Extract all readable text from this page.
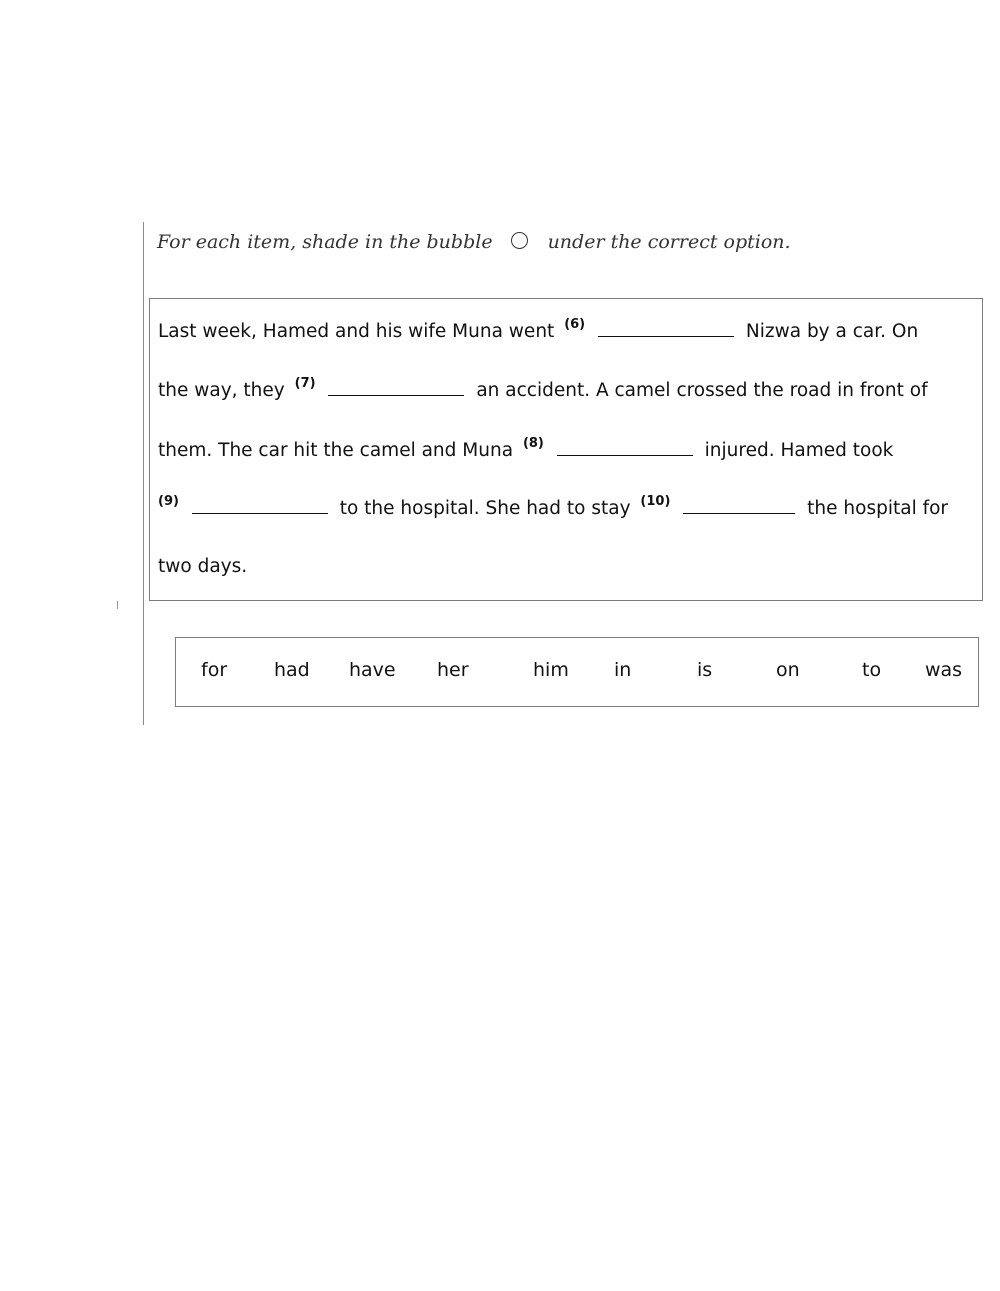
For each item, shade in the bubble	under the correct option.
Last week, Hamed and his wife Muna went $^{(6)}$	Nizwa by a car. On
the way, they $^{(7)}$	an accident. A camel crossed the road in front of
them. The car hit the camel and Muna $^{(8)}$	injured. Hamed took
$^{(9)}$	to the hospital. She had to stay $^{(10)}$	the hospital for
two days.
for had have her	him in	is	on	to was
